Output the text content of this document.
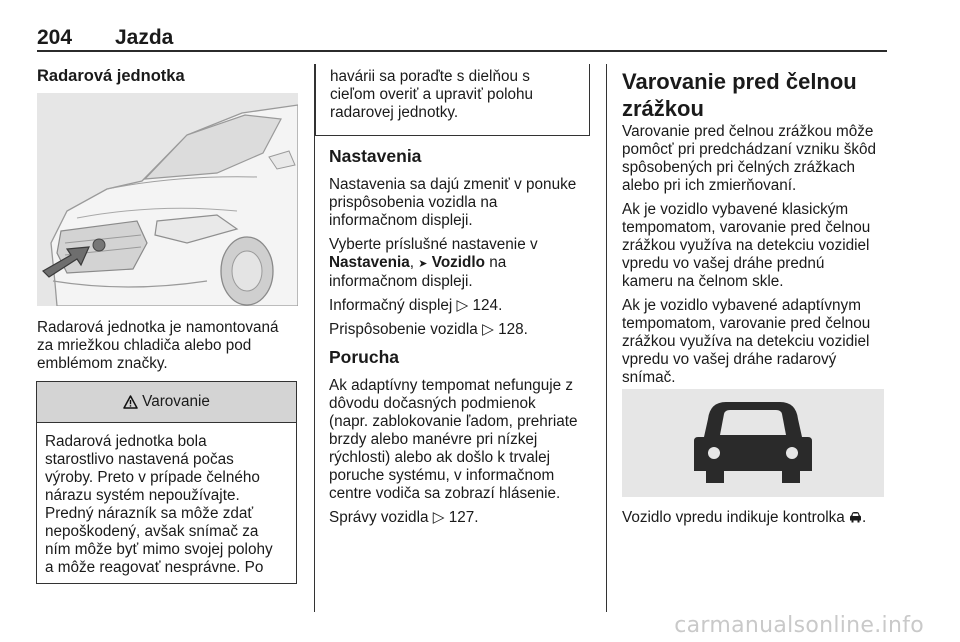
204 Jazda
Radarová jednotka
Radarová jednotka je namontovaná
za mriežkou chladiča alebo pod
emblémom značky.
Varovanie
Radarová jednotka bola
starostlivo nastavená počas
výroby. Preto v prípade čelného
nárazu systém nepoužívajte.
Predný nárazník sa môže zdať
nepoškodený, avšak snímač za
ním môže byť mimo svojej polohy
a môže reagovať nesprávne. Po
havárii sa poraďte s dielňou s
cieľom overiť a upraviť polohu
radarovej jednotky.
Nastavenia
Nastavenia sa dajú zmeniť v ponuke
prispôsobenia vozidla na
informačnom displeji.
Vyberte príslušné nastavenie v
Nastavenia, ➤ Vozidlo na
informačnom displeji.
Informačný displej ▷ 124.
Prispôsobenie vozidla ▷ 128.
Porucha
Ak adaptívny tempomat nefunguje z
dôvodu dočasných podmienok
(napr. zablokovanie ľadom, prehriate
brzdy alebo manévre pri nízkej
rýchlosti) alebo ak došlo k trvalej
poruche systému, v informačnom
centre vodiča sa zobrazí hlásenie.
Správy vozidla ▷ 127.
Varovanie pred čelnou
zrážkou
Varovanie pred čelnou zrážkou môže
pomôcť pri predchádzaní vzniku škôd
spôsobených pri čelných zrážkach
alebo pri ich zmierňovaní.
Ak je vozidlo vybavené klasickým
tempomatom, varovanie pred čelnou
zrážkou využíva na detekciu vozidiel
vpredu vo vašej dráhe prednú
kameru na čelnom skle.
Ak je vozidlo vybavené adaptívnym
tempomatom, varovanie pred čelnou
zrážkou využíva na detekciu vozidiel
vpredu vo vašej dráhe radarový
snímač.
Vozidlo vpredu indikuje kontrolka .
carmanualsonline.info
